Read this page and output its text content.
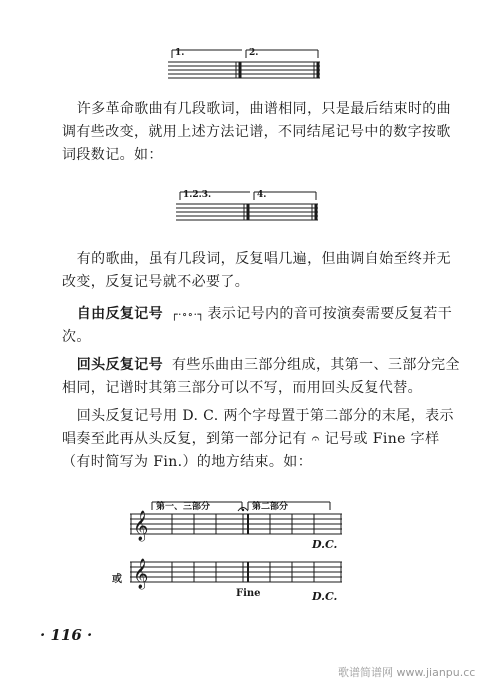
1.	2.

许多革命歌曲有几段歌词，曲谱相同，只是最后结束时的曲调有些改变，就用上述方法记谱，不同结尾记号中的数字按歌词段数记。如：

1.2.3.	4.

有的歌曲，虽有几段词，反复唱几遍，但曲调自始至终并无改变，反复记号就不必要了。

自由反复记号 ┌·∘∘·┐ 表示记号内的音可按演奏需要反复若干次。

回头反复记号 有些乐曲由三部分组成，其第一、三部分完全相同，记谱时其第三部分可以不写，而用回头反复代替。

回头反复记号用 D. C. 两个字母置于第二部分的末尾，表示唱奏至此再从头反复，到第一部分记有 𝄐 记号或 Fine 字样（有时简写为 Fin.）的地方结束。如：

𝄞
第一、三部分	第二部分
D.C.
或 𝄞
Fine	D.C.
· 116 ·
歌谱简谱网 www.jianpu.cc
